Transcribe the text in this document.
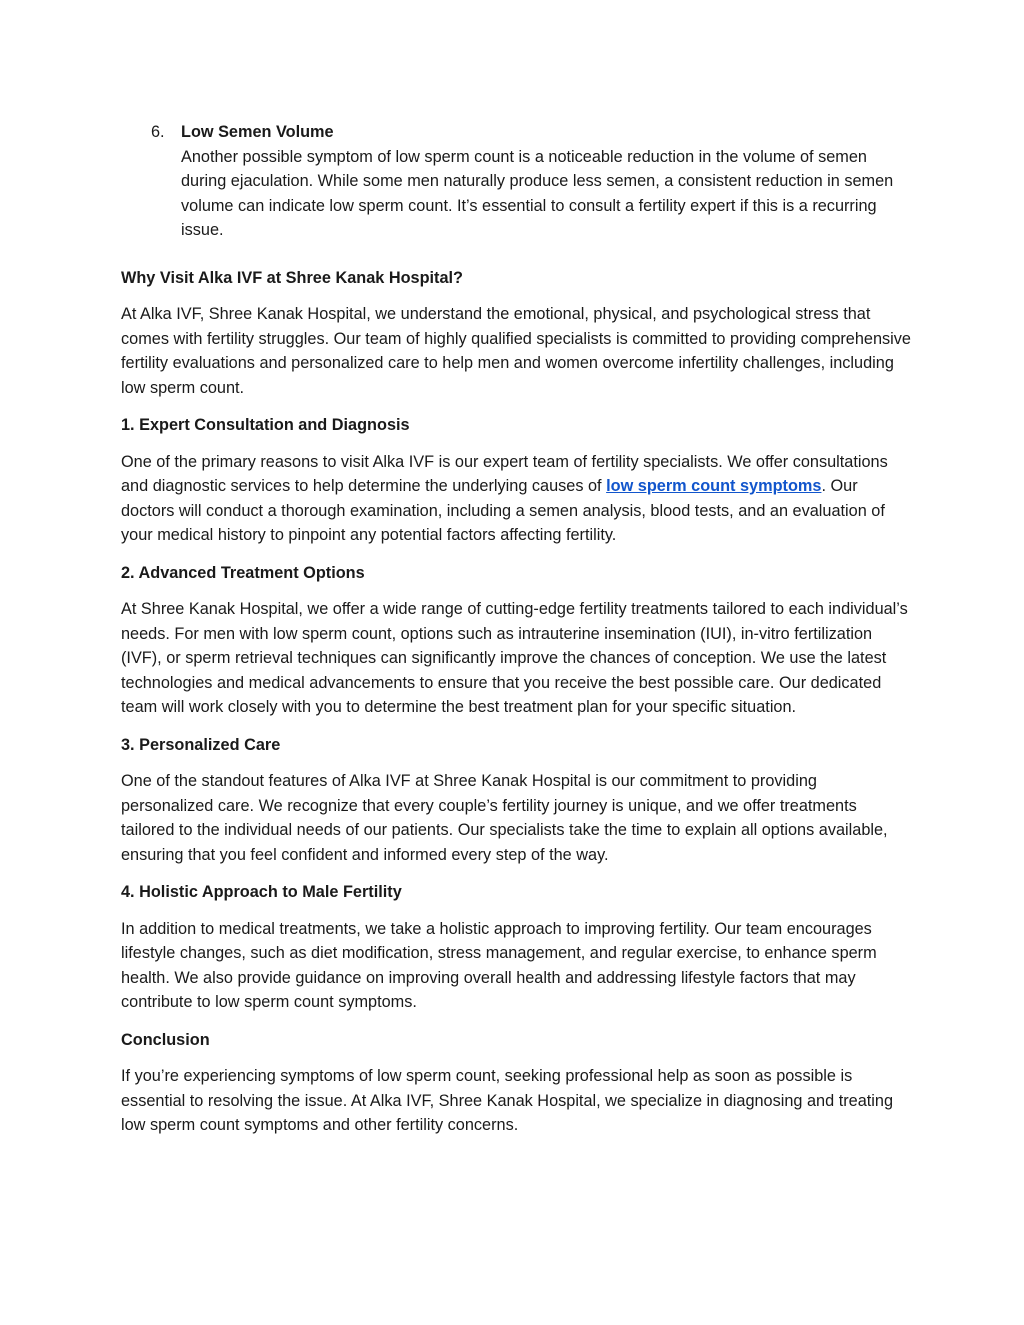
6. Low Semen Volume
Another possible symptom of low sperm count is a noticeable reduction in the volume of semen during ejaculation. While some men naturally produce less semen, a consistent reduction in semen volume can indicate low sperm count. It’s essential to consult a fertility expert if this is a recurring issue.
Why Visit Alka IVF at Shree Kanak Hospital?

At Alka IVF, Shree Kanak Hospital, we understand the emotional, physical, and psychological stress that comes with fertility struggles. Our team of highly qualified specialists is committed to providing comprehensive fertility evaluations and personalized care to help men and women overcome infertility challenges, including low sperm count.

1. Expert Consultation and Diagnosis

One of the primary reasons to visit Alka IVF is our expert team of fertility specialists. We offer consultations and diagnostic services to help determine the underlying causes of low sperm count symptoms. Our doctors will conduct a thorough examination, including a semen analysis, blood tests, and an evaluation of your medical history to pinpoint any potential factors affecting fertility.

2. Advanced Treatment Options

At Shree Kanak Hospital, we offer a wide range of cutting-edge fertility treatments tailored to each individual’s needs. For men with low sperm count, options such as intrauterine insemination (IUI), in-vitro fertilization (IVF), or sperm retrieval techniques can significantly improve the chances of conception. We use the latest technologies and medical advancements to ensure that you receive the best possible care. Our dedicated team will work closely with you to determine the best treatment plan for your specific situation.

3. Personalized Care

One of the standout features of Alka IVF at Shree Kanak Hospital is our commitment to providing personalized care. We recognize that every couple’s fertility journey is unique, and we offer treatments tailored to the individual needs of our patients. Our specialists take the time to explain all options available, ensuring that you feel confident and informed every step of the way.

4. Holistic Approach to Male Fertility

In addition to medical treatments, we take a holistic approach to improving fertility. Our team encourages lifestyle changes, such as diet modification, stress management, and regular exercise, to enhance sperm health. We also provide guidance on improving overall health and addressing lifestyle factors that may contribute to low sperm count symptoms.

Conclusion

If you’re experiencing symptoms of low sperm count, seeking professional help as soon as possible is essential to resolving the issue. At Alka IVF, Shree Kanak Hospital, we specialize in diagnosing and treating low sperm count symptoms and other fertility concerns.
